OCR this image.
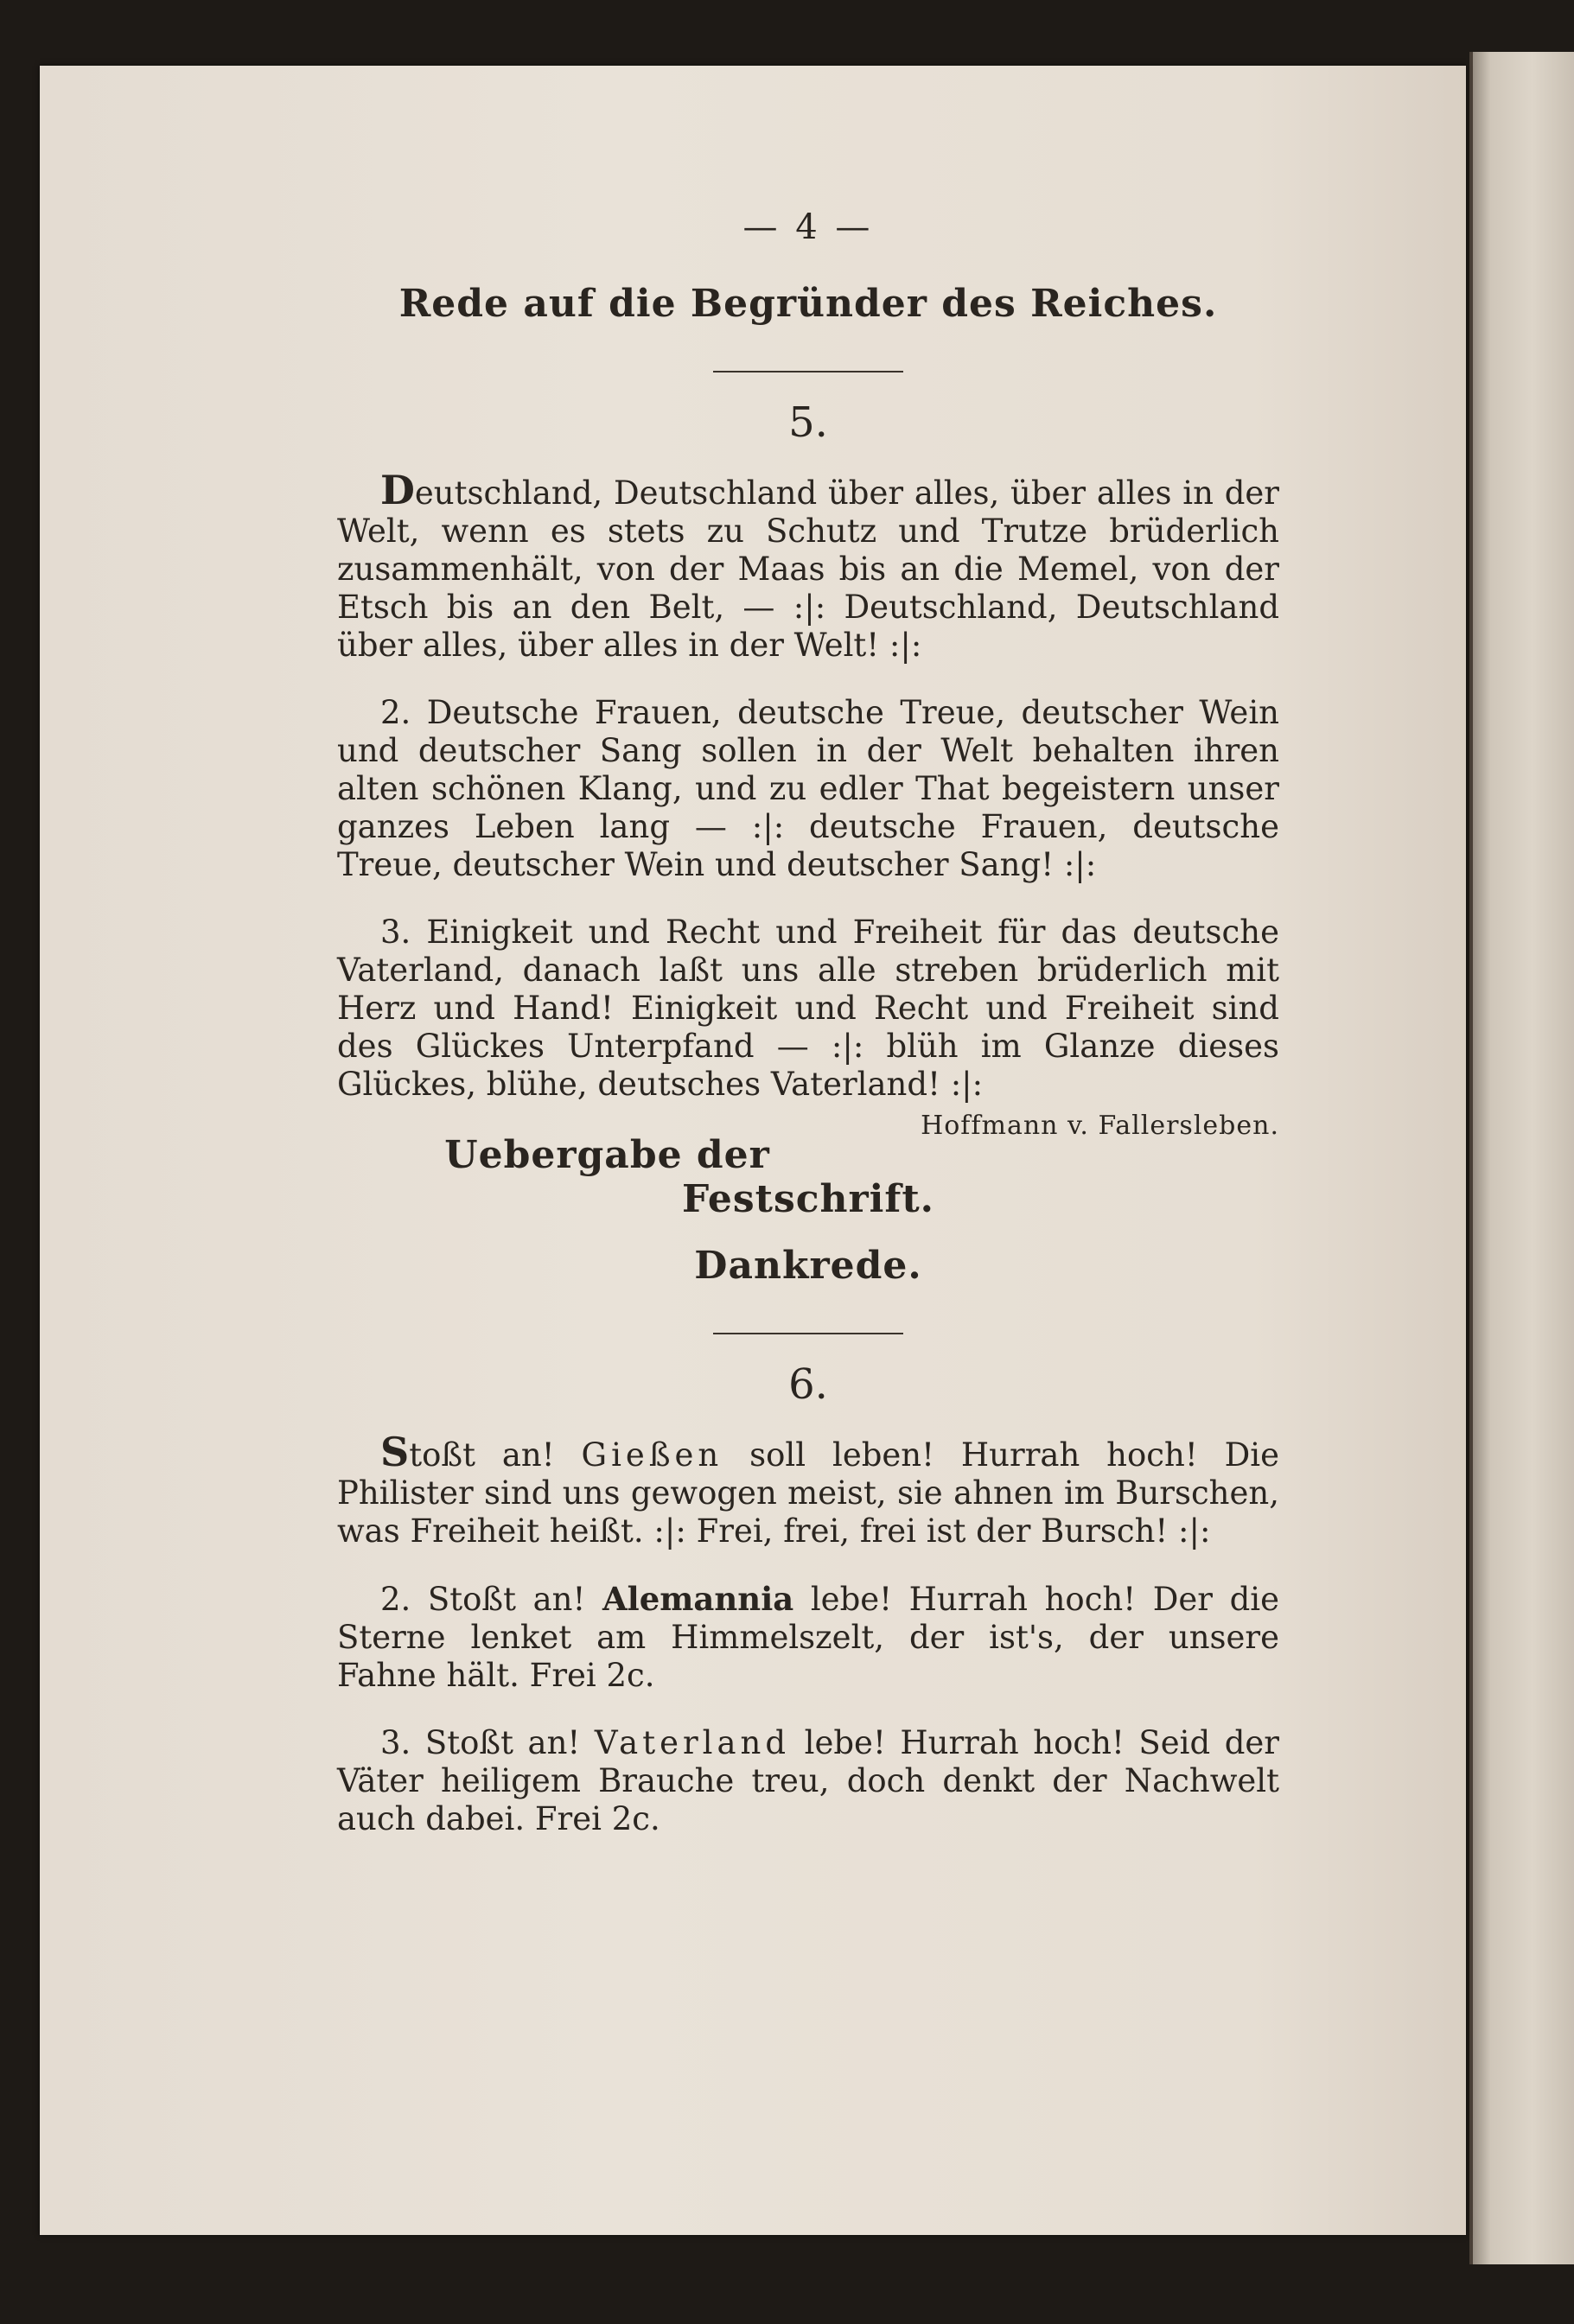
— 4 —
Rede auf die Begründer des Reiches.
5.

Deutschland, Deutschland über alles, über alles in der Welt, wenn es stets zu Schutz und Trutze brüderlich zusammenhält, von der Maas bis an die Memel, von der Etsch bis an den Belt, — :|: Deutschland, Deutschland über alles, über alles in der Welt! :|:

2. Deutsche Frauen, deutsche Treue, deutscher Wein und deutscher Sang sollen in der Welt behalten ihren alten schönen Klang, und zu edler That begeistern unser ganzes Leben lang — :|: deutsche Frauen, deutsche Treue, deutscher Wein und deutscher Sang! :|:

3. Einigkeit und Recht und Freiheit für das deutsche Vaterland, danach laßt uns alle streben brüderlich mit Herz und Hand! Einigkeit und Recht und Freiheit sind des Glückes Unterpfand — :|: blüh im Glanze dieses Glückes, blühe, deutsches Vaterland! :|:
Hoffmann v. Fallersleben.

Uebergabe der Festschrift.
Dankrede.
6.

Stoßt an! Gießen soll leben! Hurrah hoch! Die Philister sind uns gewogen meist, sie ahnen im Burschen, was Freiheit heißt. :|: Frei, frei, frei ist der Bursch! :|:

2. Stoßt an! Alemannia lebe! Hurrah hoch! Der die Sterne lenket am Himmelszelt, der ist's, der unsere Fahne hält. Frei 2c.

3. Stoßt an! Vaterland lebe! Hurrah hoch! Seid der Väter heiligem Brauche treu, doch denkt der Nachwelt auch dabei. Frei 2c.
